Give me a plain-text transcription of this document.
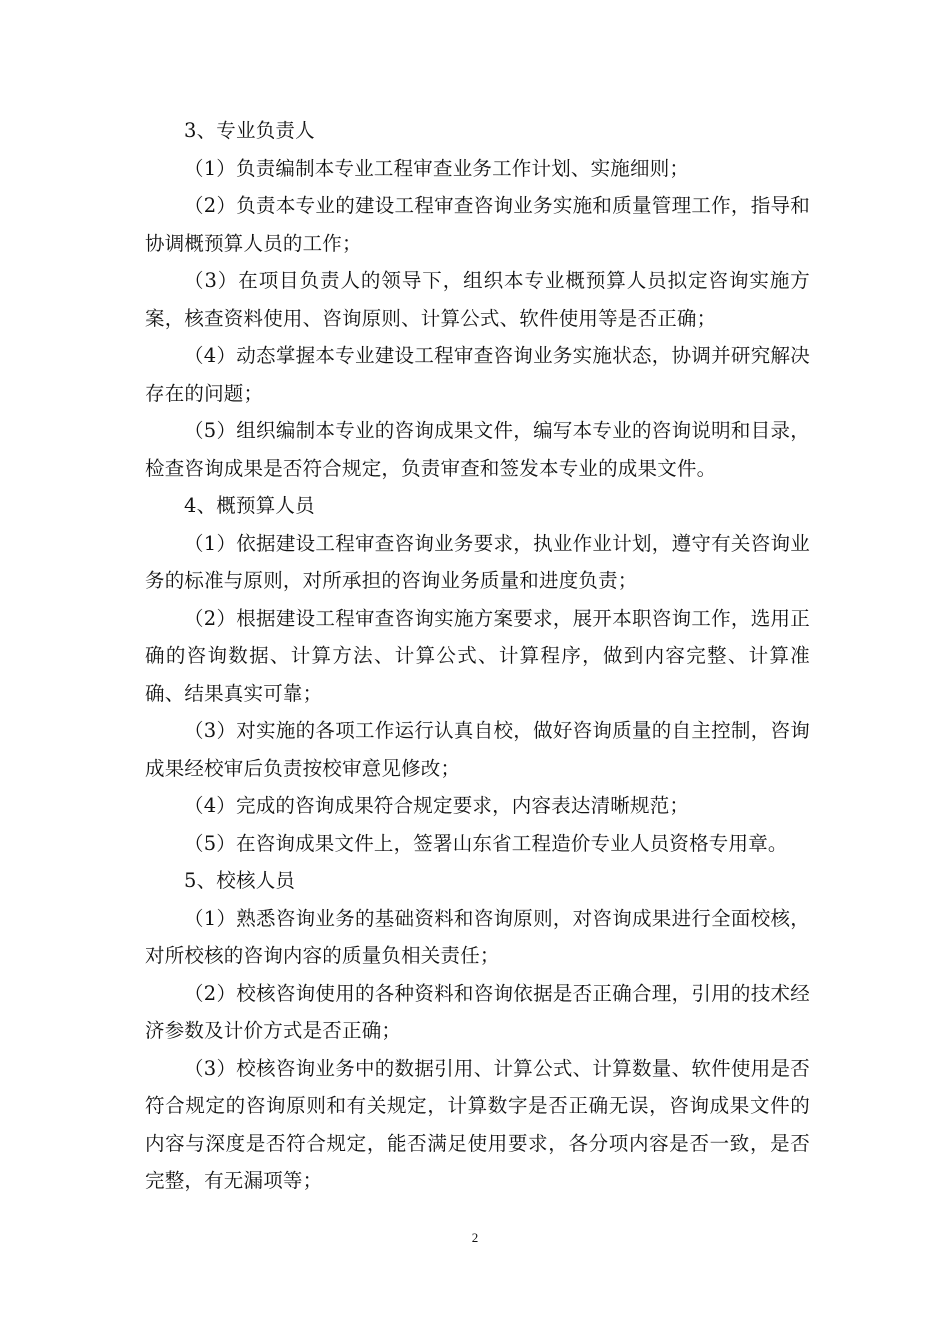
3、专业负责人

（1）负责编制本专业工程审查业务工作计划、实施细则；

（2）负责本专业的建设工程审查咨询业务实施和质量管理工作，指导和协调概预算人员的工作；

（3）在项目负责人的领导下，组织本专业概预算人员拟定咨询实施方案，核查资料使用、咨询原则、计算公式、软件使用等是否正确；

（4）动态掌握本专业建设工程审查咨询业务实施状态，协调并研究解决存在的问题；

（5）组织编制本专业的咨询成果文件，编写本专业的咨询说明和目录，检查咨询成果是否符合规定，负责审查和签发本专业的成果文件。

4、概预算人员

（1）依据建设工程审查咨询业务要求，执业作业计划，遵守有关咨询业务的标准与原则，对所承担的咨询业务质量和进度负责；

（2）根据建设工程审查咨询实施方案要求，展开本职咨询工作，选用正确的咨询数据、计算方法、计算公式、计算程序，做到内容完整、计算准确、结果真实可靠；

（3）对实施的各项工作运行认真自校，做好咨询质量的自主控制，咨询成果经校审后负责按校审意见修改；

（4）完成的咨询成果符合规定要求，内容表达清晰规范；

（5）在咨询成果文件上，签署山东省工程造价专业人员资格专用章。

5、校核人员

（1）熟悉咨询业务的基础资料和咨询原则，对咨询成果进行全面校核，对所校核的咨询内容的质量负相关责任；

（2）校核咨询使用的各种资料和咨询依据是否正确合理，引用的技术经济参数及计价方式是否正确；

（3）校核咨询业务中的数据引用、计算公式、计算数量、软件使用是否符合规定的咨询原则和有关规定，计算数字是否正确无误，咨询成果文件的内容与深度是否符合规定，能否满足使用要求，各分项内容是否一致，是否完整，有无漏项等；

2
